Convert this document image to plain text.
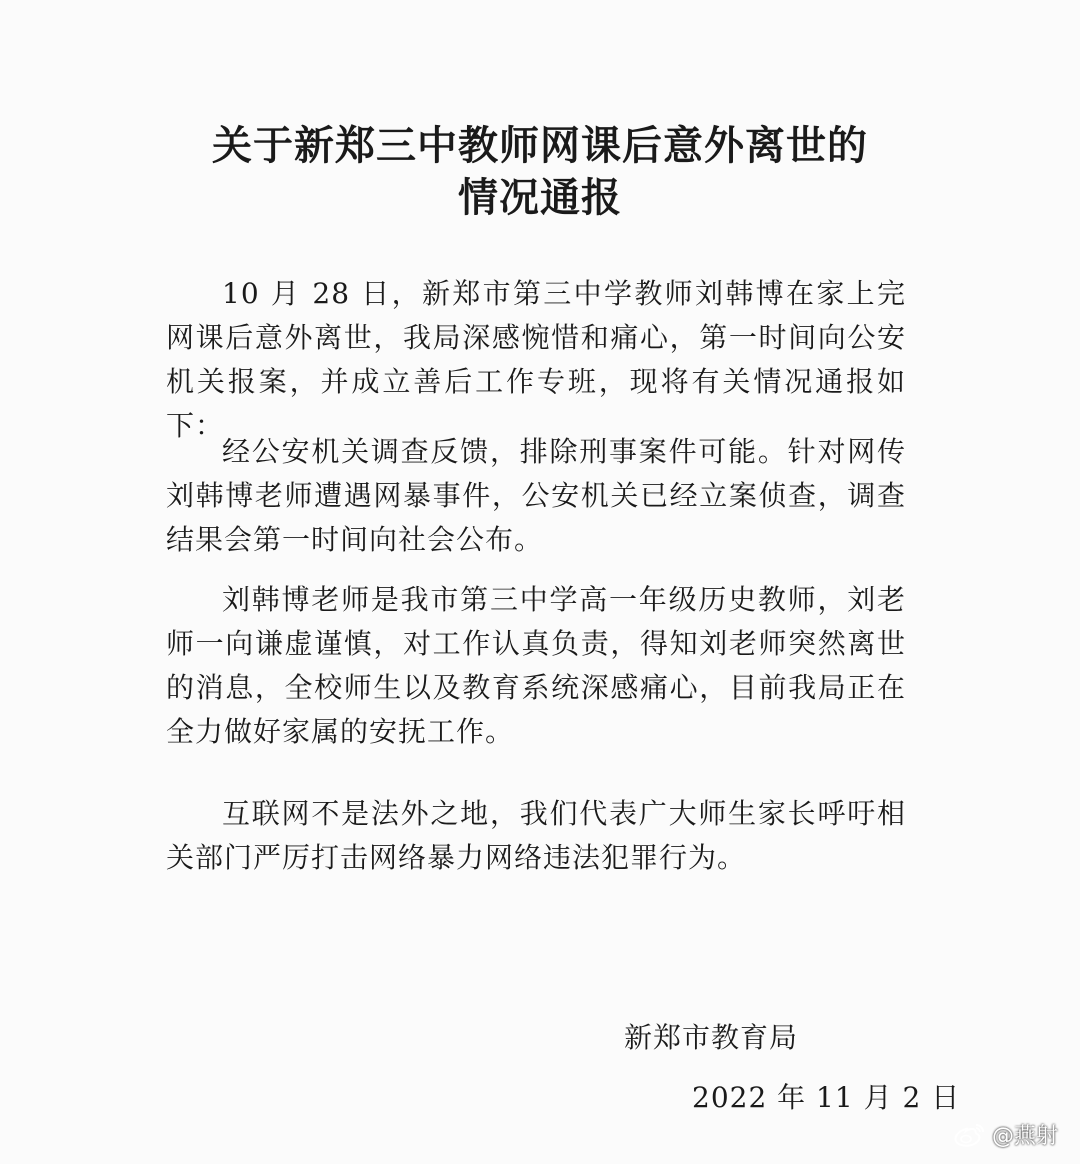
关于新郑三中教师网课后意外离世的
情况通报
10 月 28 日，新郑市第三中学教师刘韩博在家上完网课后意外离世，我局深感惋惜和痛心，第一时间向公安机关报案，并成立善后工作专班，现将有关情况通报如下：
经公安机关调查反馈，排除刑事案件可能。针对网传刘韩博老师遭遇网暴事件，公安机关已经立案侦查，调查结果会第一时间向社会公布。
刘韩博老师是我市第三中学高一年级历史教师，刘老师一向谦虚谨慎，对工作认真负责，得知刘老师突然离世的消息，全校师生以及教育系统深感痛心，目前我局正在全力做好家属的安抚工作。
互联网不是法外之地，我们代表广大师生家长呼吁相关部门严厉打击网络暴力网络违法犯罪行为。
新郑市教育局
2022 年 11 月 2 日
@燕射
